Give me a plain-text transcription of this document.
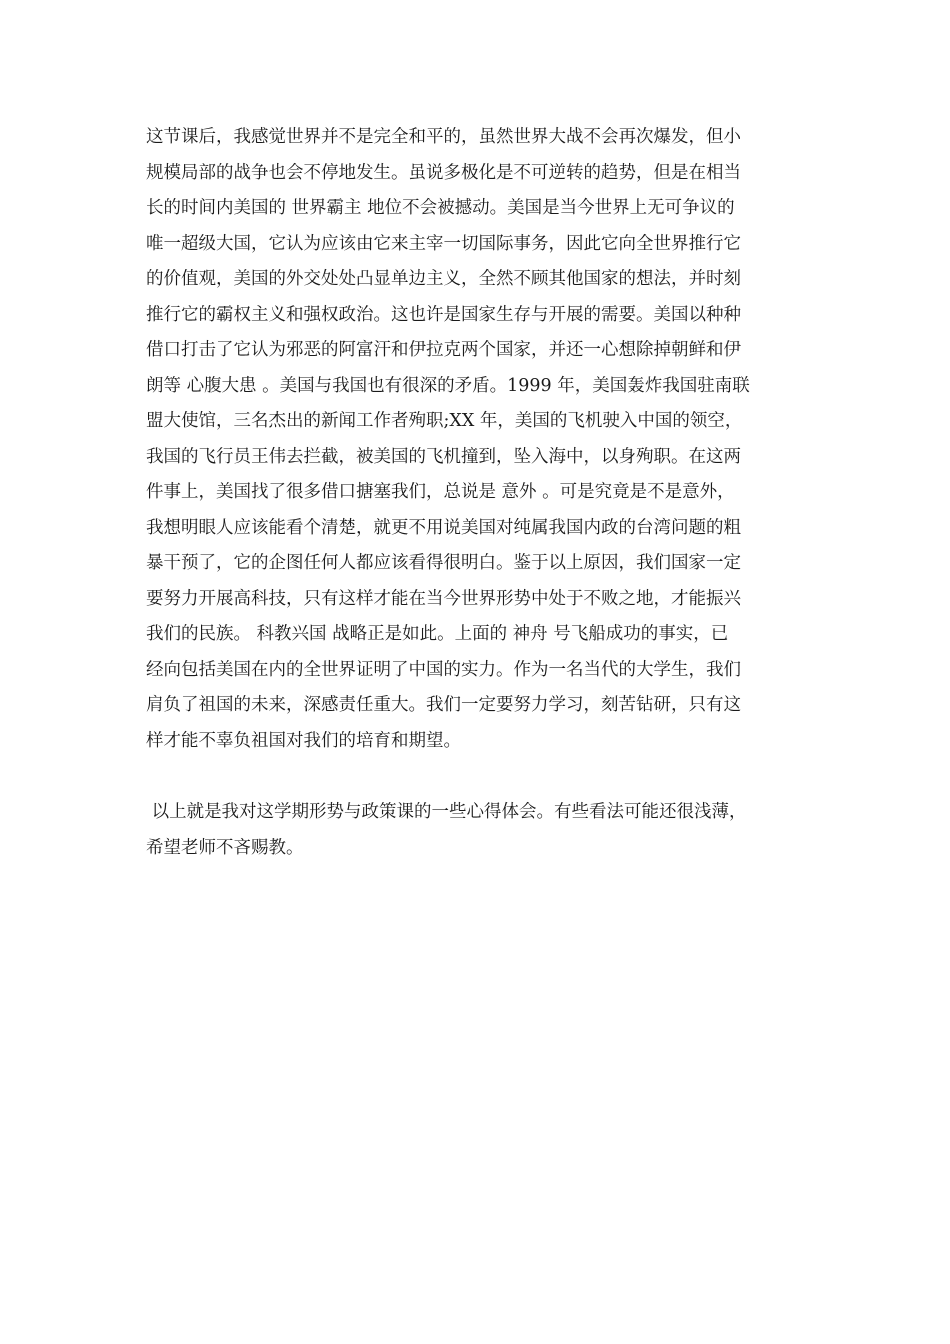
这节课后，我感觉世界并不是完全和平的，虽然世界大战不会再次爆发，但小
规模局部的战争也会不停地发生。虽说多极化是不可逆转的趋势，但是在相当
长的时间内美国的 世界霸主 地位不会被撼动。美国是当今世界上无可争议的
唯一超级大国，它认为应该由它来主宰一切国际事务，因此它向全世界推行它
的价值观，美国的外交处处凸显单边主义，全然不顾其他国家的想法，并时刻
推行它的霸权主义和强权政治。这也许是国家生存与开展的需要。美国以种种
借口打击了它认为邪恶的阿富汗和伊拉克两个国家，并还一心想除掉朝鲜和伊
朗等 心腹大患 。美国与我国也有很深的矛盾。1999 年，美国轰炸我国驻南联
盟大使馆，三名杰出的新闻工作者殉职;XX 年，美国的飞机驶入中国的领空，
我国的飞行员王伟去拦截，被美国的飞机撞到，坠入海中，以身殉职。在这两
件事上，美国找了很多借口搪塞我们，总说是 意外 。可是究竟是不是意外，
我想明眼人应该能看个清楚，就更不用说美国对纯属我国内政的台湾问题的粗
暴干预了，它的企图任何人都应该看得很明白。鉴于以上原因，我们国家一定
要努力开展高科技，只有这样才能在当今世界形势中处于不败之地，才能振兴
我们的民族。 科教兴国 战略正是如此。上面的 神舟 号飞船成功的事实，已
经向包括美国在内的全世界证明了中国的实力。作为一名当代的大学生，我们
肩负了祖国的未来，深感责任重大。我们一定要努力学习，刻苦钻研，只有这
样才能不辜负祖国对我们的培育和期望。
以上就是我对这学期形势与政策课的一些心得体会。有些看法可能还很浅薄，
希望老师不吝赐教。
